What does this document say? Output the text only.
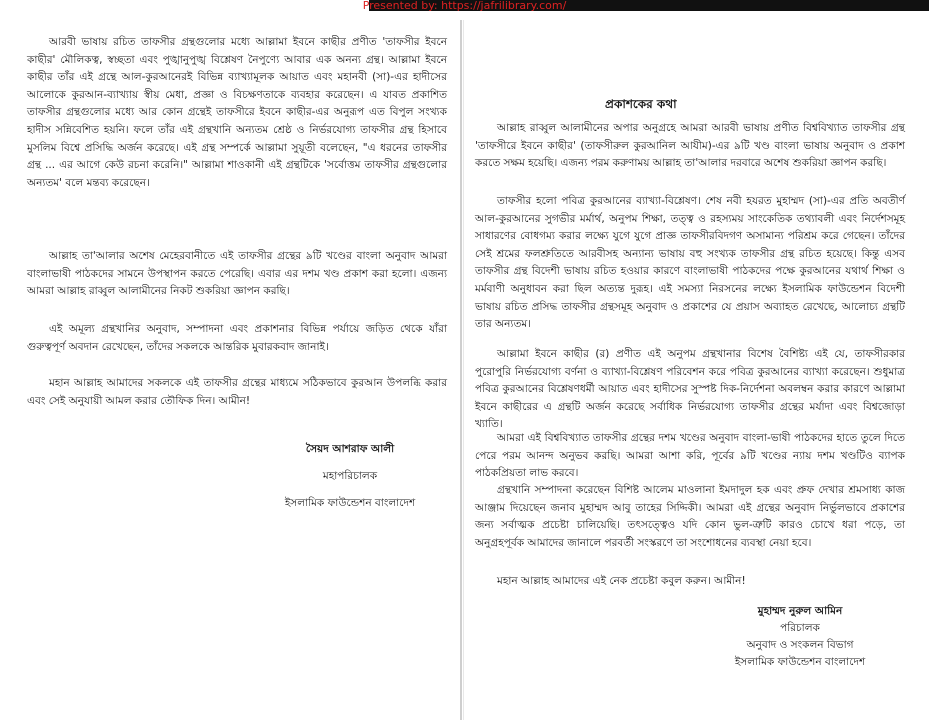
Presented by: https://jafrilibrary.com/

আরবী ভাষায় রচিত তাফসীর গ্রন্থগুলোর মধ্যে আল্লামা ইবনে কাছীর প্রণীত 'তাফসীর ইবনে কাছীর' মৌলিকত্ব, স্বচ্ছতা এবং পুঙ্খানুপুঙ্খ বিশ্লেষণ নৈপুণ্যে আবার এক অনন্য গ্রন্থ। আল্লামা ইবনে কাছীর তাঁর এই গ্রন্থে আল-কুরআনেরই বিভিন্ন ব্যাখ্যামূলক আয়াত এবং মহানবী (সা)-এর হাদীসের আলোকে কুরআন-ব্যাখ্যায় স্বীয় মেধা, প্রজ্ঞা ও বিচক্ষণতাকে ব্যবহার করেছেন। এ যাবত প্রকাশিত তাফসীর গ্রন্থগুলোর মধ্যে আর কোন গ্রন্থেই তাফসীরে ইবনে কাছীর-এর অনুরূপ এত বিপুল সংখ্যক হাদীস সন্নিবেশিত হয়নি। ফলে তাঁর এই গ্রন্থখানি অন্যতম শ্রেষ্ঠ ও নির্ভরযোগ্য তাফসীর গ্রন্থ হিসাবে মুসলিম বিশ্বে প্রসিদ্ধি অর্জন করেছে। এই গ্রন্থ সম্পর্কে আল্লামা সুয়ূতী বলেছেন, "এ ধরনের তাফসীর গ্রন্থ ... এর আগে কেউ রচনা করেনি।" আল্লামা শাওকানী এই গ্রন্থটিকে 'সর্বোত্তম তাফসীর গ্রন্থগুলোর অন্যতম' বলে মন্তব্য করেছেন।

আল্লাহ তা'আলার অশেষ মেহেরবানীতে এই তাফসীর গ্রন্থের ৯টি খণ্ডের বাংলা অনুবাদ আমরা বাংলাভাষী পাঠকদের সামনে উপস্থাপন করতে পেরেছি। এবার এর দশম খণ্ড প্রকাশ করা হলো। এজন্য আমরা আল্লাহ রাব্বুল আলামীনের নিকট শুকরিয়া জ্ঞাপন করছি।

এই অমূল্য গ্রন্থখানির অনুবাদ, সম্পাদনা এবং প্রকাশনার বিভিন্ন পর্যায়ে জড়িত থেকে যাঁরা গুরুত্বপূর্ণ অবদান রেখেছেন, তাঁদের সকলকে আন্তরিক মুবারকবাদ জানাই।

মহান আল্লাহ আমাদের সকলকে এই তাফসীর গ্রন্থের মাধ্যমে সঠিকভাবে কুরআন উপলব্ধি করার এবং সেই অনুযায়ী আমল করার তৌফিক দিন। আমীন!

সৈয়দ আশরাফ আলী
মহাপরিচালক
ইসলামিক ফাউন্ডেশন বাংলাদেশ
প্রকাশকের কথা

আল্লাহ রাব্বুল আলামীনের অপার অনুগ্রহে আমরা আরবী ভাষায় প্রণীত বিশ্ববিখ্যাত তাফসীর গ্রন্থ 'তাফসীরে ইবনে কাছীর' (তাফসীরুল কুরআনিল আযীম)-এর ৯টি খণ্ড বাংলা ভাষায় অনুবাদ ও প্রকাশ করতে সক্ষম হয়েছি। এজন্য পরম করুণাময় আল্লাহ তা'আলার দরবারে অশেষ শুকরিয়া জ্ঞাপন করছি।

তাফসীর হলো পবিত্র কুরআনের ব্যাখ্যা-বিশ্লেষণ। শেষ নবী হযরত মুহাম্মদ (সা)-এর প্রতি অবতীর্ণ আল-কুরআনের সুগভীর মর্মার্থ, অনুপম শিক্ষা, তত্ত্ব ও রহস্যময় সাংকেতিক তথ্যাবলী এবং নির্দেশসমূহ সাধারণের বোধগম্য করার লক্ষ্যে যুগে যুগে প্রাজ্ঞ তাফসীরবিদগণ অসামান্য পরিশ্রম করে গেছেন। তাঁদের সেই শ্রমের ফলশ্রুতিতে আরবীসহ অন্যান্য ভাষায় বহু সংখ্যক তাফসীর গ্রন্থ রচিত হয়েছে। কিন্তু এসব তাফসীর গ্রন্থ বিদেশী ভাষায় রচিত হওয়ার কারণে বাংলাভাষী পাঠকদের পক্ষে কুরআনের যথার্থ শিক্ষা ও মর্মবাণী অনুধাবন করা ছিল অত্যন্ত দুরূহ। এই সমস্যা নিরসনের লক্ষ্যে ইসলামিক ফাউন্ডেশন বিদেশী ভাষায় রচিত প্রসিদ্ধ তাফসীর গ্রন্থসমূহ অনুবাদ ও প্রকাশের যে প্রয়াস অব্যাহত রেখেছে, আলোচ্য গ্রন্থটি তার অন্যতম।

আল্লামা ইবনে কাছীর (র) প্রণীত এই অনুপম গ্রন্থখানার বিশেষ বৈশিষ্ট্য এই যে, তাফসীরকার পুরোপুরি নির্ভরযোগ্য বর্ণনা ও ব্যাখ্যা-বিশ্লেষণ পরিবেশন করে পবিত্র কুরআনের ব্যাখ্যা করেছেন। শুধুমাত্র পবিত্র কুরআনের বিশ্লেষণধর্মী আয়াত এবং হাদীসের সুস্পষ্ট দিক-নির্দেশনা অবলম্বন করার কারণে আল্লামা ইবনে কাছীরের এ গ্রন্থটি অর্জন করেছে সর্বাধিক নির্ভরযোগ্য তাফসীর গ্রন্থের মর্যাদা এবং বিশ্বজোড়া খ্যাতি।

আমরা এই বিশ্ববিখ্যাত তাফসীর গ্রন্থের দশম খণ্ডের অনুবাদ বাংলা-ভাষী পাঠকদের হাতে তুলে দিতে পেরে পরম আনন্দ অনুভব করছি। আমরা আশা করি, পূর্বের ৯টি খণ্ডের ন্যায় দশম খণ্ডটিও ব্যাপক পাঠকপ্রিয়তা লাভ করবে।

গ্রন্থখানি সম্পাদনা করেছেন বিশিষ্ট আলেম মাওলানা ইমদাদুল হক এবং প্রুফ দেখার শ্রমসাধ্য কাজ আঞ্জাম দিয়েছেন জনাব মুহাম্মদ আবু তাহের সিদ্দিকী। আমরা এই গ্রন্থের অনুবাদ নির্ভুলভাবে প্রকাশের জন্য সর্বাত্মক প্রচেষ্টা চালিয়েছি। তৎসত্ত্বেও যদি কোন ভুল-ত্রুটি কারও চোখে ধরা পড়ে, তা অনুগ্রহপূর্বক আমাদের জানালে পরবর্তী সংস্করণে তা সংশোধনের ব্যবস্থা নেয়া হবে।

মহান আল্লাহ আমাদের এই নেক প্রচেষ্টা কবুল করুন। আমীন!

মুহাম্মদ নুরুল আমিন
পরিচালক
অনুবাদ ও সংকলন বিভাগ
ইসলামিক ফাউন্ডেশন বাংলাদেশ
